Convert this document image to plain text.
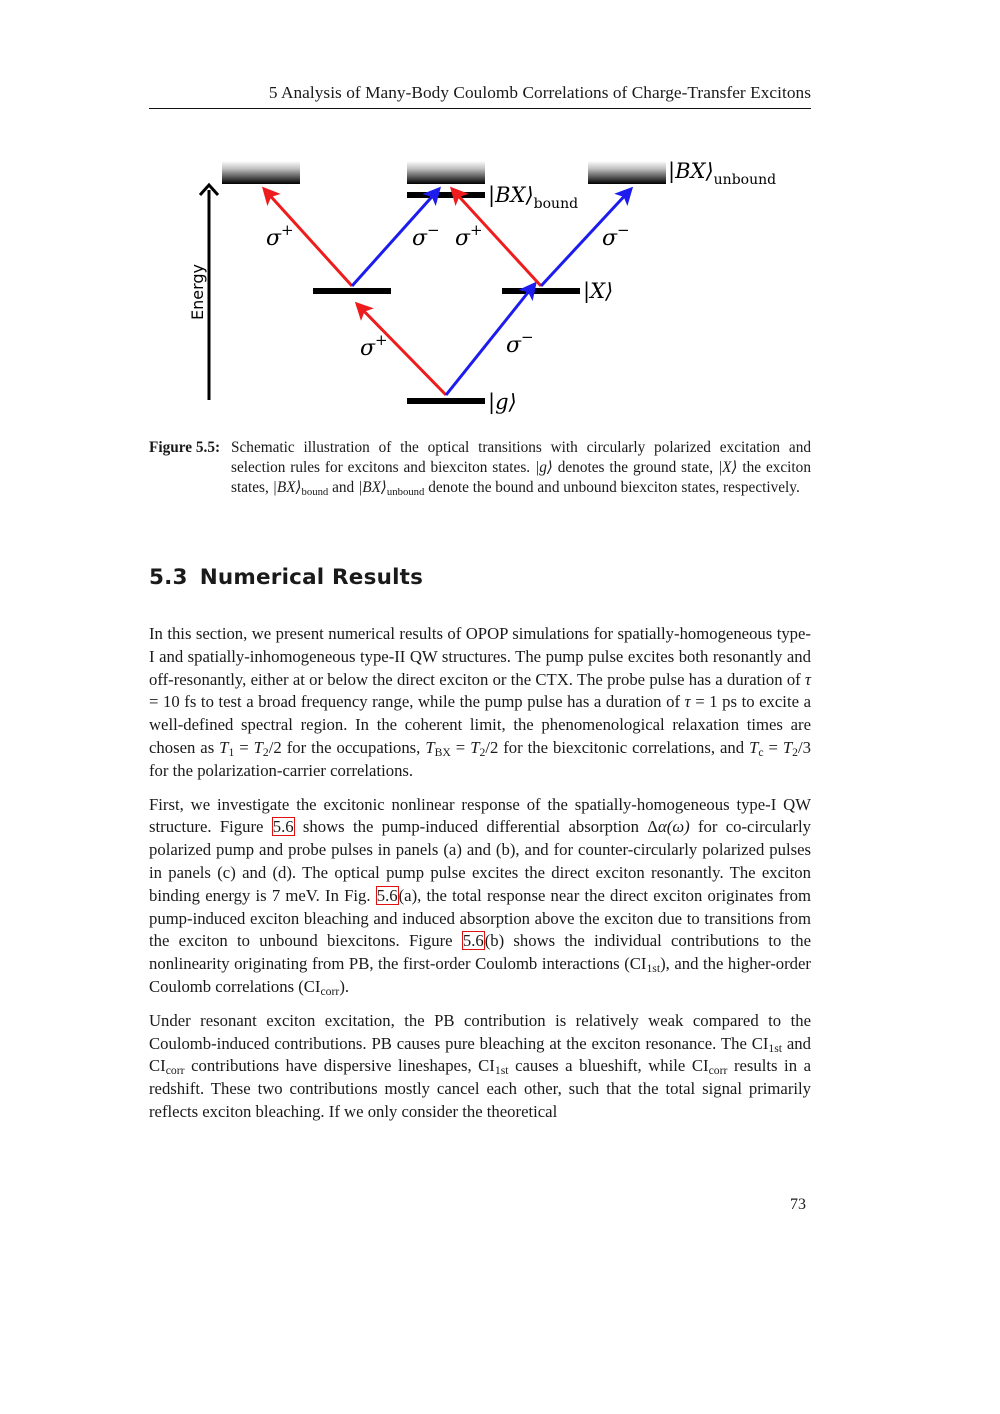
5 Analysis of Many-Body Coulomb Correlations of Charge-Transfer Excitons
Energy
σ+	σ− σ+	σ−
σ+	σ−
$|BX⟩_{bound}$
$|BX⟩_{unbound}$
|X⟩
|g⟩
Figure 5.5: Schematic illustration of the optical transitions with circularly polarized excitation and selection rules for excitons and biexciton states. |g⟩ denotes the ground state, |X⟩ the exciton states, $|BX⟩_{bound}$ and $|BX⟩_{unbound}$ denote the bound and unbound biexciton states, respectively.

5.3 Numerical Results

In this section, we present numerical results of OPOP simulations for spatially-homogeneous type-I and spatially-inhomogeneous type-II QW structures. The pump pulse excites both resonantly and off-resonantly, either at or below the direct exciton or the CTX. The probe pulse has a duration of τ = 10 fs to test a broad frequency range, while the pump pulse has a duration of τ = 1 ps to excite a well-defined spectral region. In the coherent limit, the phenomenological relaxation times are chosen as $T_1 = T_2/2$ for the occupations, $T_{BX} = T_2/2$ for the biexcitonic correlations, and $T_c = T_2/3$ for the polarization-carrier correlations.

First, we investigate the excitonic nonlinear response of the spatially-homogeneous type-I QW structure. Figure 5.6 shows the pump-induced differential absorption Δα(ω) for co-circularly polarized pump and probe pulses in panels (a) and (b), and for counter-circularly polarized pulses in panels (c) and (d). The optical pump pulse excites the direct exciton resonantly. The exciton binding energy is 7 meV. In Fig. 5.6(a), the total response near the direct exciton originates from pump-induced exciton bleaching and induced absorption above the exciton due to transitions from the exciton to unbound biexcitons. Figure 5.6(b) shows the individual contributions to the nonlinearity originating from PB, the first-order Coulomb interactions $(CI_{1st})$, and the higher-order Coulomb correlations $(CI_{corr})$.

Under resonant exciton excitation, the PB contribution is relatively weak compared to the Coulomb-induced contributions. PB causes pure bleaching at the exciton resonance. The $CI_{1st}$ and $CI_{corr}$ contributions have dispersive lineshapes, $CI_{1st}$ causes a blueshift, while $CI_{corr}$ results in a redshift. These two contributions mostly cancel each other, such that the total signal primarily reflects exciton bleaching. If we only consider the theoretical

73
